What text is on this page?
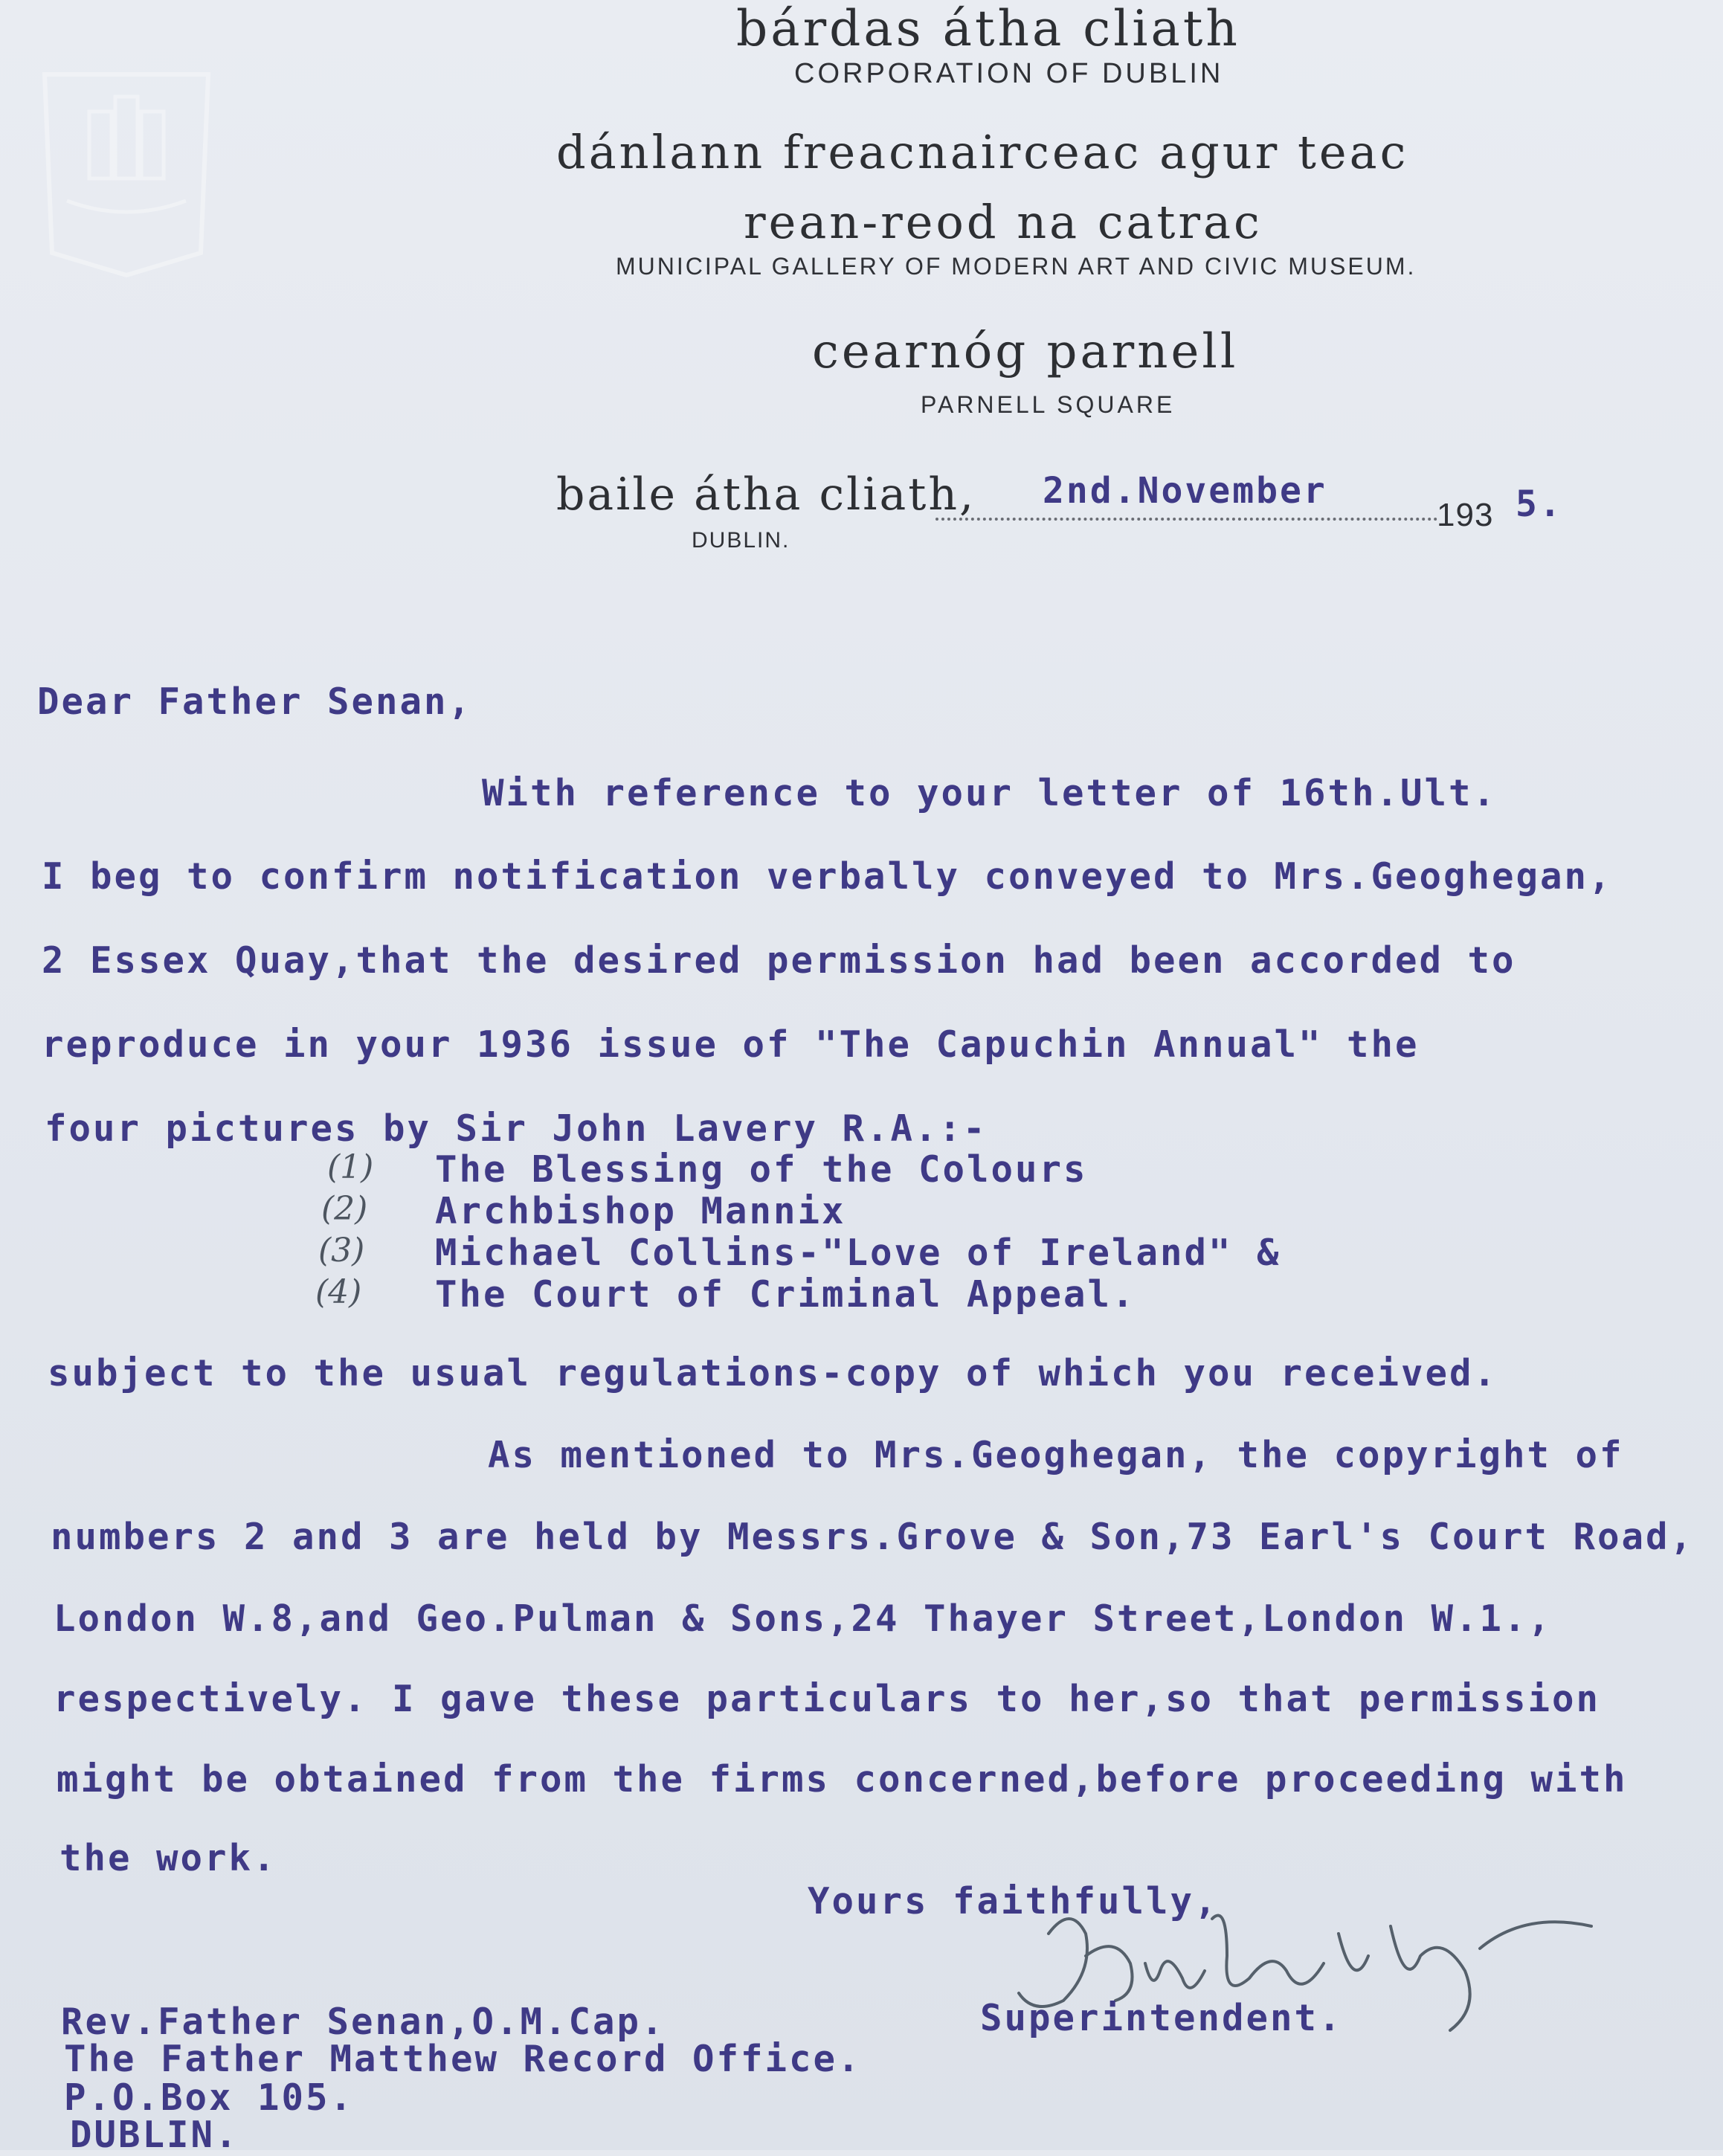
bárdas átha cliath
CORPORATION OF DUBLIN
dánlann freacnairceac agur teac
rean-reod na catrac
MUNICIPAL GALLERY OF MODERN ART AND CIVIC MUSEUM.
cearnóg parnell
PARNELL SQUARE
baile átha cliath,
DUBLIN.
2nd.November
193 5.
Dear Father Senan,
With reference to your letter of 16th.Ult.
I beg to confirm notification verbally conveyed to Mrs.Geoghegan,
2 Essex Quay,that the desired permission had been accorded to
reproduce in your 1936 issue of "The Capuchin Annual" the
four pictures by Sir John Lavery R.A.:-
(1) The Blessing of the Colours
(2) Archbishop Mannix
(3) Michael Collins-"Love of Ireland" &
(4) The Court of Criminal Appeal.
subject to the usual regulations-copy of which you received.
As mentioned to Mrs.Geoghegan, the copyright of
numbers 2 and 3 are held by Messrs.Grove & Son,73 Earl's Court Road,
London W.8,and Geo.Pulman & Sons,24 Thayer Street,London W.1.,
respectively. I gave these particulars to her,so that permission
might be obtained from the firms concerned,before proceeding with
the work.
Yours faithfully,
Superintendent.
Rev.Father Senan,O.M.Cap.
The Father Matthew Record Office.
P.O.Box 105.
DUBLIN.
